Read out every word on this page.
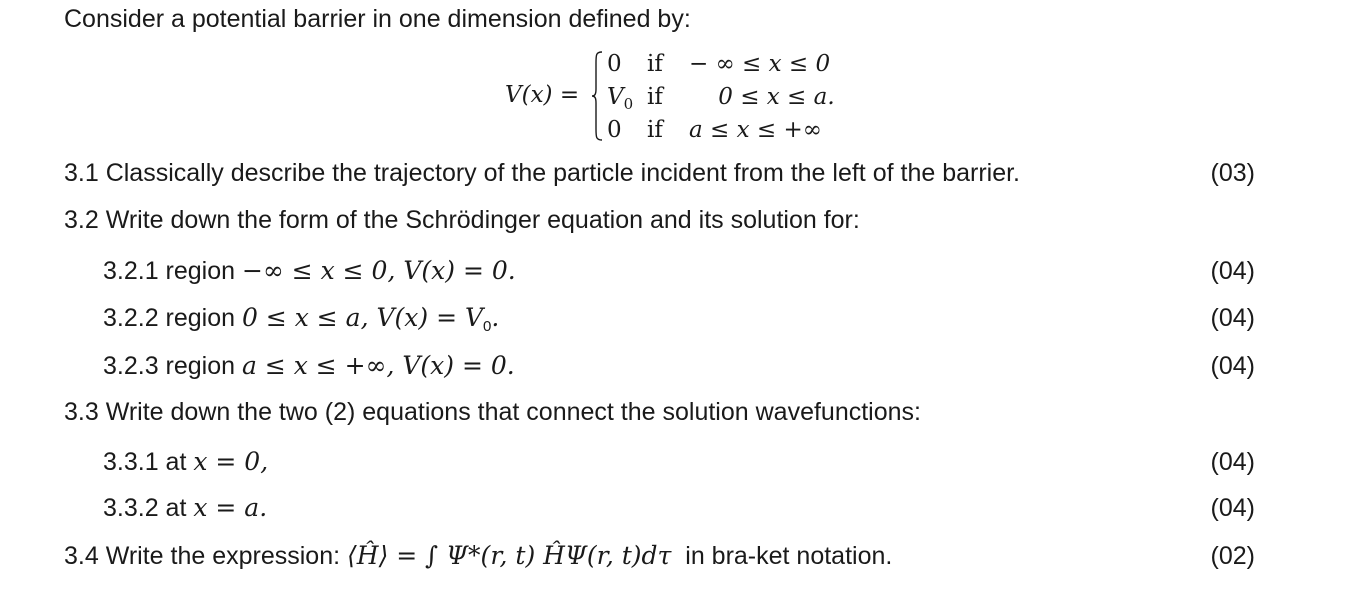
Consider a potential barrier in one dimension defined by:
V(x) =
0 if − ∞ ≤ x ≤ 0
$V_0$ if 0 ≤ x ≤ a.
0 if a ≤ x ≤ +∞
3.1 Classically describe the trajectory of the particle incident from the left of the barrier.	(03)
3.2 Write down the form of the Schrödinger equation and its solution for:
3.2.1 region −∞ ≤ x ≤ 0, V(x) = 0.	(04)
3.2.2 region 0 ≤ x ≤ a, $V(x) = V_0$.	(04)
3.2.3 region a ≤ x ≤ +∞, V(x) = 0.	(04)
3.3 Write down the two (2) equations that connect the solution wavefunctions:
3.3.1 at x = 0,	(04)
3.3.2 at x = a.	(04)
3.4 Write the expression: ⟨Ĥ⟩ = ∫ Ψ*(r, t) ĤΨ(r, t)dτ  in bra-ket notation.	(02)
